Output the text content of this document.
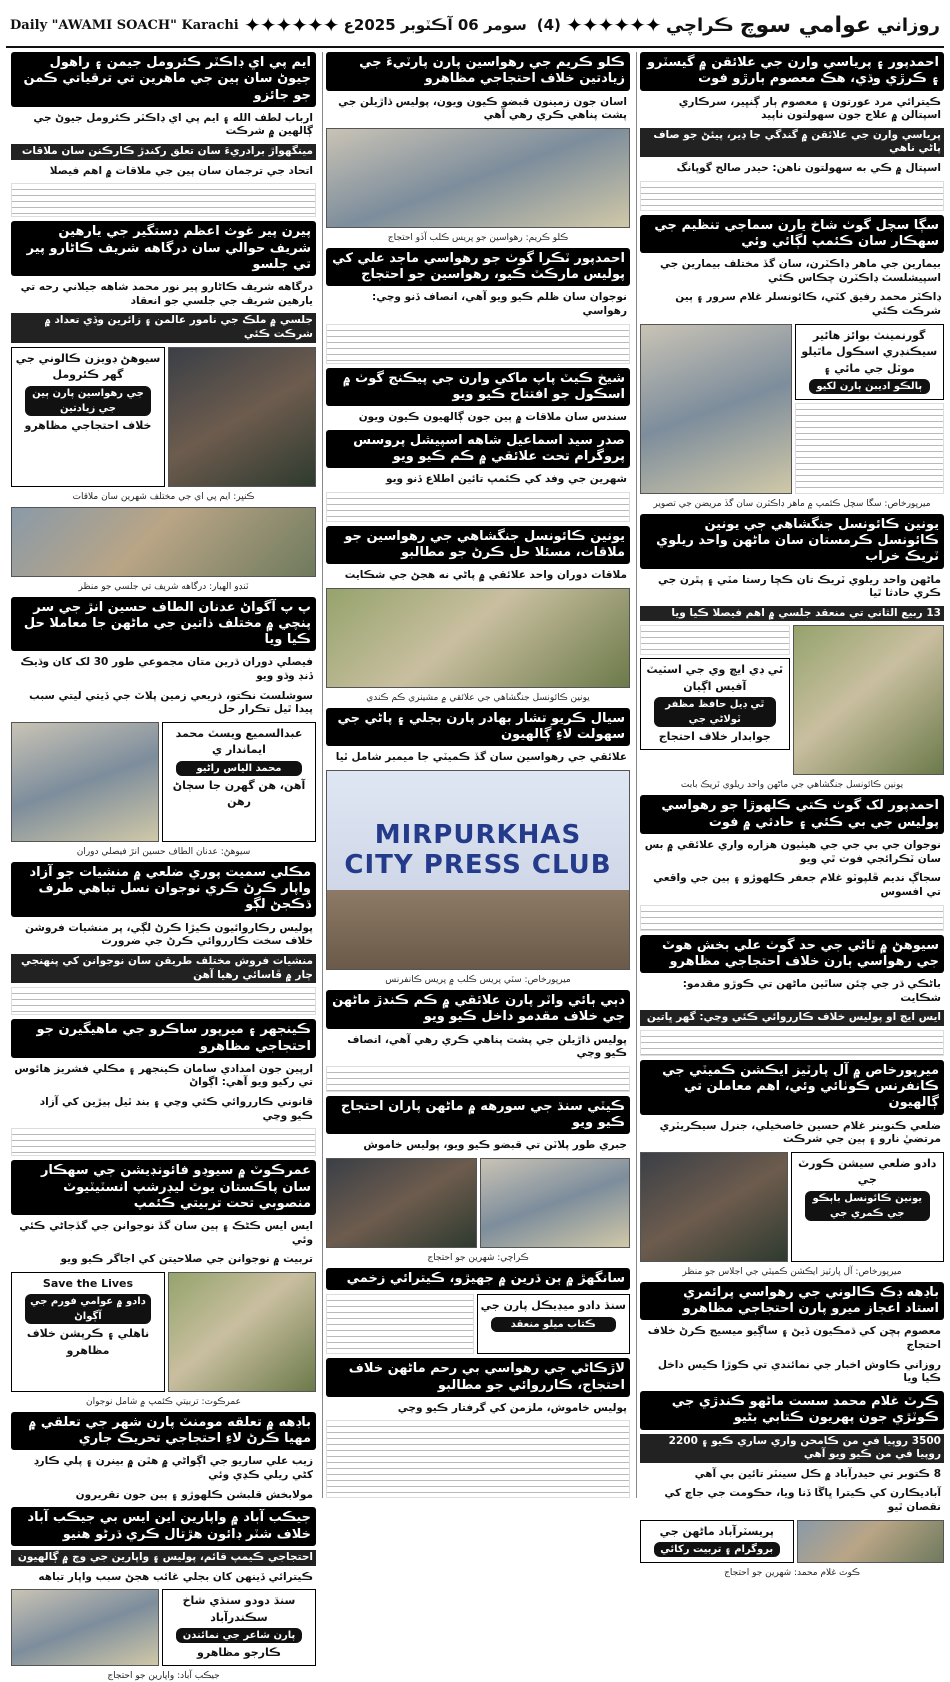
Daily "AWAMI SOACH" Karachi ✦✦✦✦✦✦	(4)
سومر 06 آڪٽوبر 2025ع ✦✦✦✦✦✦	روزاني
عوامي سوچ
ڪراچي
احمدپور ۽ پرياسي وارن جي علائقن ۾ گيسٽرو ۽ ڪرڙي وڌي، هڪ معصوم ٻارڙو فوت
ڪيترائي مرد عورتون ۽ معصوم ٻار ڳنڀير، سرڪاري اسپتالن ۾ علاج جون سهولتون ناپيد
پرياسي وارن جي علائقن ۾ گندگي جا ڍير، پيئڻ جو صاف پاڻي ناهي
اسپتال ۾ ڪي به سهولتون ناهن: حيدر صالح گوپانگ
سڳا سچل گوٺ شاخ يارن سماجي تنظيم جي سهڪار سان ڪئمپ لڳائي وئي
بيمارين جي ماهر ڊاڪٽرن، سان گڏ مختلف بيمارين جي اسپيشلسٽ ڊاڪٽرن چڪاس ڪئي
ڊاڪٽر محمد رفيق کٽي، ڪائونسلر غلام سرور ۽ ٻين شرڪت ڪئي
گورنمينٽ بوائز هائير سيڪنڊري اسڪول ماٿيلو موٽل جي مائي ۽
ٻالڪو اديبن ٻارن لکيو
ميرپورخاص: سگا سچل ڪئمپ ۾ ماهر ڊاڪٽرن سان گڏ مريضن جي تصوير
يونين ڪائونسل جنگشاهي جي يونين ڪائونسل ڪرمستان سان ماڻهن واحد ريلوي ٽريڪ خراب
ماڻهن واحد ريلوي ٽريڪ تان ڪچا رستا مٽي ۽ پٿرن جي ڪري حادثا ٿيا
13 ربيع الثاني تي منعقد جلسي ۾ اهم فيصلا ڪيا ويا
ٿي ڊي ايڇ وي جي اسٽيٽ آفيس اڳيان
ٿي ڊيل حافظ مظفر ٽولاڻي جي
جوابدار خلاف احتجاج
يونين ڪائونسل جنگشاهي جي ماڻهن واحد ريلوي ٽريڪ بابت
احمدپور لک گوٺ ڪتي ڪلهوڙا جو رهواسي پوليس جي بي ڪئي ۽ حادثي ۾ فوت
نوجوان جي بي جي جي هيٺيون هزاره واري علائقي ۾ بس سان ٽڪرائجي فوت ٿي ويو
سجاڳ نديم ڦلپوٽو غلام جعفر ڪلهوڙو ۽ ٻين جي واقعي تي افسوس
سيوهڻ ۾ ٿاڻي جي حد گوٺ علي بخش هوٽ جي رهواسي ٻارن خلاف احتجاجي مظاهرو
باڻڪي ڌر جي چئن ساٿين ماڻهن تي ڪوڙو مقدمو: شڪايت
ايس ايچ او پوليس خلاف ڪارروائي ڪئي وڃي: گهر ڀاتين
ميرپورخاص ۾ آل پارٽيز ايڪشن ڪميٽي جي ڪانفرنس ڪوٺائي وئي، اهم معاملن تي ڳالهيون
ضلعي ڪنوينر غلام حسين خاصخيلي، جنرل سيڪريٽري مرتضيٰ نارو ۽ ٻين جي شرڪت
دادو ضلعي سيشن ڪورٽ جي
يونين ڪائونسل باٻڪو جي ڪمري جي
ميرپورخاص: آل پارٽيز ايڪشن ڪميٽي جي اجلاس جو منظر
باڊهه ڊڪ ڪالوني جي رهواسي پرائمري استاد اعجاز ميرو پارن احتجاجي مظاهرو
معصوم ٻچن کي ڌمڪيون ڏيڻ ۽ ساڳيو ميسيج ڪرڻ خلاف احتجاج
روزاني ڪاوش اخبار جي نمائندي تي ڪوڙا ڪيس داخل ڪيا ويا
ڪرٽ غلام محمد سست ماڻهو ڪندڙي جي ڪوٽڙي جون پهريون ڪتابي بڻيو
3500 روپيا في من ڪامحن واري ساري ڪيو ۽ 2200 روپيا في من ڪيو ويو آهي
8 ڪتوبر تي حيدرآباد ۾ ڪل سينٽر تائين بي آهي
آباديڪارن کي ڪيترا ڀاڱا ڏنا ويا، حڪومت جي جاچ کي نقصان ٿيو
پريسٽرآباد ماڻهن جي
بروگرام ۽ تربيت رکائي
ڪوٽ غلام محمد: شهرين جو احتجاج
ڪلو ڪريم جي رهواسين پارن پارٽيءَ جي زيادتين خلاف احتجاجي مظاهرو
اسان جون زمينون قبضو ڪيون ويون، پوليس ڌاڙيلن جي پشت پناهي ڪري رهي آهي
ڪلو ڪريم: رهواسين جو پريس ڪلب آڏو احتجاج
احمدپور ٽڪرا گوٺ جو رهواسي ماجد علي کي پوليس مارڪٽ ڪيو، رهواسين جو احتجاج
نوجوان سان ظلم ڪيو ويو آهي، انصاف ڏنو وڃي: رهواسي
شيخ ڪيٽ پاپ ماکي وارن جي پيڪنج گوٺ ۾ اسڪول جو افتتاح ڪيو ويو
سندس سان ملاقات ۾ ٻين جون ڳالهيون ڪيون ويون
صدر سيد اسماعيل شاهه اسپيشل پروسس پروگرام تحت علائقي ۾ ڪم ڪيو ويو
شهرين جي وفد کي ڪئمپ تائين اطلاع ڏنو ويو
يونين ڪائونسل جنگشاهي جي رهواسين جو ملاقات، مسئلا حل ڪرڻ جو مطالبو
ملاقات دوران واحد علائقي ۾ پاڻي نه هجڻ جي شڪايت
يونين ڪائونسل جنگشاهي جي علائقي ۾ مشينري ڪم ڪندي
سيال ڪريو تشار بهادر پارن بجلي ۽ پاڻي جي سهولت لاءِ ڳالهيون
علائقي جي رهواسين سان گڏ ڪميٽي جا ميمبر شامل ٿيا
MIRPURKHAS
CITY PRESS CLUB
ميرپورخاص: سٽي پريس ڪلب ۾ پريس ڪانفرنس
دٻي ٻائي واٽر پارن علائقي ۾ ڪم ڪندڙ ماڻهن جي خلاف مقدمو داخل ڪيو ويو
پوليس ڌاڙيلن جي پشت پناهي ڪري رهي آهي، انصاف ڪيو وڃي
ڪيٽي سنڌ جي سورهه ۾ ماڻهن پاران احتجاج ڪيو ويو
جبري طور پلاٽن تي قبضو ڪيو ويو، پوليس خاموش
ڪراچي: شهرين جو احتجاج
سانگهڙ ۾ ٻن ڌرين ۾ جهيڙو، ڪيترائي زخمي
سنڌ دادو ميڊيڪل پارن جي
ڪتاب ميلو منعقد
لاڙڪاڻي جي رهواسي بي رحم ماڻهن خلاف احتجاج، ڪارروائي جو مطالبو
پوليس خاموش، ملزمن کي گرفتار ڪيو وڃي
ايم پي اي ڊاڪٽر ڪئرومل جيمن ۽ راهول جيوڻ سان ٻين جي ماهرين تي ترقياتي ڪمن جو جائزو
ارباب لطف الله ۽ ايم پي اي ڊاڪٽر ڪئرومل جيوڻ جي ڳالهين ۾ شرڪت
مينگهواڙ برادريءَ سان تعلق رکندڙ ڪارڪنن سان ملاقات
اتحاد جي ترجمان سان ٻين جي ملاقات ۾ اهم فيصلا
پيرن پير غوث اعظم دستگير جي يارهين شريف حوالي سان درگاهه شريف ڪاڻارو پير تي جلسو
درگاهه شريف ڪاڻارو پير نور محمد شاهه جيلاني رحه تي يارهين شريف جي جلسي جو انعقاد
جلسي ۾ ملڪ جي نامور عالمن ۽ زائرين وڏي تعداد ۾ شرڪت ڪئي
سيوهڻ ڊويزن ڪالوني جي گهر ڪئرومل
جي رهواسين پارن ٻين جي زيادتين
خلاف احتجاجي مظاهرو
ڪنڀر: ايم پي اي جي مختلف شهرين سان ملاقات
ٽنڊو الهيار: درگاهه شريف تي جلسي جو منظر
پ پ آگواڻ عدنان الطاف حسين انڙ جي سر پنچي ۾ مختلف ذاتين جي ماڻهن جا معاملا حل ڪيا ويا
فيصلي دوران ڌرين متان مجموعي طور 30 لک کان وڌيڪ ڏنڊ وڌو ويو
سوشلسٽ نڪتو، ذريعي زمين پلاٽ جي ڏيتي ليتي سبب پيدا ٿيل تڪرار حل
عبدالسميع ويسٽ محمد ايماندار ي
محمد الياس راڻيو
آهن، هن گهرن جا سڄاڻ رهن
سيوهڻ: عدنان الطاف حسين انڙ فيصلي دوران
مڪلي سميت پوري ضلعي ۾ منشيات جو آزاد واپار ڪرڻ ڪري نوجوان نسل تباهي طرف ڌڪجڻ لڳو
پوليس رڪاروائيون ڪيڙا ڪرڻ لڳي، پر منشيات فروشن خلاف سخت ڪارروائي ڪرڻ جي ضرورت
منشيات فروش مختلف طريقن سان نوجوانن کي پنهنجي ڄار ۾ ڦاسائي رهيا آهن
ڪينجهر ۽ ميرپور ساڪرو جي ماهيگيرن جو احتجاجي مظاهرو
ارپين جون امدادي سامان ڪينجهر ۽ مڪلي فشريز هائوس تي رکيو ويو آهي: اڳواڻ
قانوني ڪارروائي ڪئي وڃي ۽ بند ٿيل ٻيڙين کي آزاد ڪيو وڃي
عمرڪوٽ ۾ سيوڊو فائونڊيشن جي سهڪار سان پاڪستان يوٿ ليڊرشپ انسٽيٽيوٽ منصوبي تحت تربيتي ڪئمپ
ايس ايس ڪڻڪ ۽ ٻين سان گڏ نوجوانن جي گڏجاڻي ڪئي وئي
تربيت ۾ نوجوانن جي صلاحيتن کي اجاگر ڪيو ويو
Save the Lives
دادو ۾ عوامي فورم جي آڳواڻ
ناهلي ۽ ڪرپشن خلاف مظاهرو
عمرڪوٽ: تربيتي ڪئمپ ۾ شامل نوجوان
باڊهه ۾ تعلقه مومنٽ پارن شهر جي تعلقي ۾ مهيا ڪرڻ لاءِ احتجاجي تحريڪ جاري
زيب علي ساريو جي اڳواڻي ۾ هٿن ۾ بينرن ۽ پلي ڪارڊ کڻي ريلي ڪڍي وئي
مولابخش قلبشن ڪلهوڙو ۽ ٻين جون تقريرون
جيڪب آباد ۾ واپارين اين ايس بي جيڪب آباد خلاف شٽر ڊائون هڙتال ڪري ڌرڻو هنيو
احتجاجي ڪيمپ قائم، پوليس ۽ واپارين جي وچ ۾ ڳالهيون
ڪيترائي ڏينهن کان بجلي غائب هجڻ سبب واپار تباهه
سنڌ دودو سنڌي شاخ سڪندرآباد
پارن شاعر جي نمائندن
ڪارجو مظاهرو
جيڪب آباد: واپارين جو احتجاج
